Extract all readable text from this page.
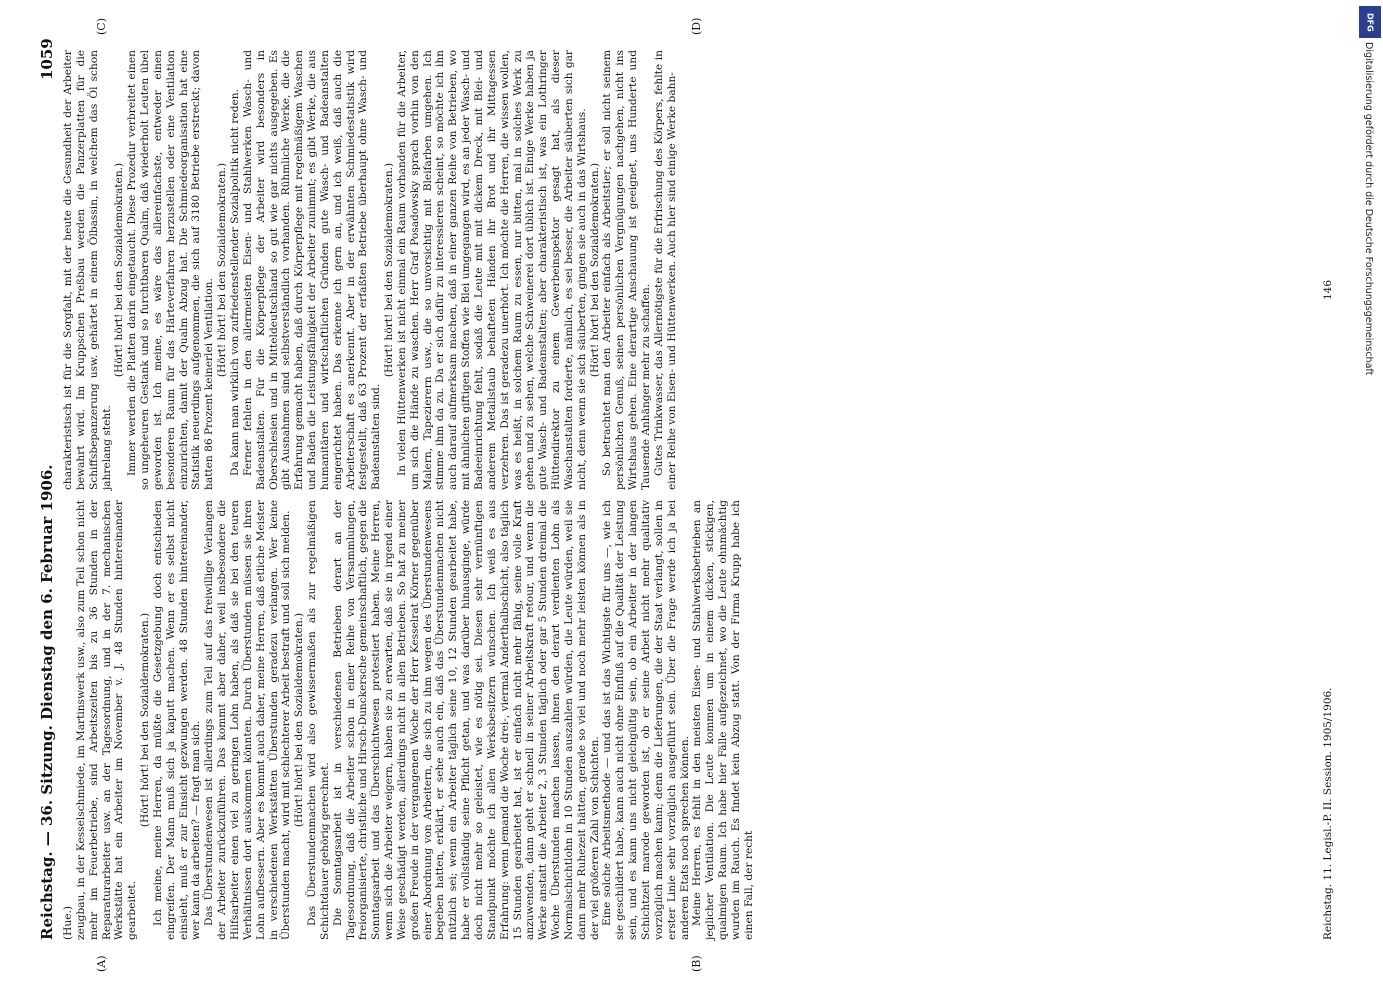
Reichstag. — 36. Sitzung. Dienstag den 6. Februar 1906.
1059
(A)	(B)
(C)	(D)

(Hue.) zeugbau, in der Kesselschmiede, im Martinswerk usw., also zum Teil schon nicht mehr im Feuerbetriebe, sind Arbeitszeiten bis zu 36 Stunden in der Reparaturarbeiter usw. an der Tagesordnung, und in der 7. mechanischen Werkstätte hat ein Arbeiter im November v. J. 48 Stunden hintereinander gearbeitet.

(Hört! hört! bei den Sozialdemokraten.) Ich meine, meine Herren, da müßte die Gesetzgebung doch entschieden eingreifen. Der Mann muß sich ja kaputt machen. Wenn er es selbst nicht einsieht, muß er zur Einsicht gezwungen werden. 48 Stunden hintereinander, wer kann da arbeiten? — fragt man sich. Das Überstundenwesen ist allerdings zum Teil auf das freiwillige Verlangen der Arbeiter zurückzuführen. Das kommt aber daher, weil insbesondere die Hilfsarbeiter einen viel zu geringen Lohn haben, als daß sie bei den teuren Verhältnissen dort auskommen könnten. Durch Überstunden müssen sie ihren Lohn aufbessern. Aber es kommt auch daher, meine Herren, daß etliche Meister in verschiedenen Werkstätten Überstunden geradezu verlangen. Wer keine Überstunden macht, wird mit schlechterer Arbeit bestraft und soll sich melden. (Hört! hört! bei den Sozialdemokraten.) Das Überstundenmachen wird also gewissermaßen als zur regelmäßigen Schichtdauer gehörig gerechnet. Die Sonntagsarbeit ist in verschiedenen Betrieben derart an der Tagesordnung, daß die Arbeiter schon in einer Reihe von Versammlungen, freiorganisierte, christliche und Hirsch-Dunckersche gemeinschaftlich, gegen die Sonntagsarbeit und das Überschichtwesen protestiert haben. Meine Herren, wenn sich die Arbeiter weigern, haben sie zu erwarten, daß sie in irgend einer Weise geschädigt werden, allerdings nicht in allen Betrieben. So hat zu meiner großen Freude in der vergangenen Woche der Herr Kesselrat Körner gegenüber einer Abordnung von Arbeitern, die sich zu ihm wegen des Überstundenwesens begeben hatten, erklärt, er sehe auch ein, daß das Überstundenmachen nicht nützlich sei; wenn ein Arbeiter täglich seine 10, 12 Stunden gearbeitet habe, habe er vollständig seine Pflicht getan, und was darüber hinausginge, würde doch nicht mehr so geleistet, wie es nötig sei. Diesen sehr vernünftigen Standpunkt möchte ich allen Werksbesitzern wünschen. Ich weiß es aus Erfahrung: wenn jemand die Woche drei-, viermal Anderthalbschicht, also täglich 15 Stunden gearbeitet hat, ist er einfach nicht mehr fähig, seine volle Kraft anzuwenden, dann geht er schnell in seiner Arbeitskraft retour, und wenn die Werke anstatt die Arbeiter 2, 3 Stunden täglich oder gar 5 Stunden dreimal die Woche Überstunden machen lassen, ihnen den derart verdienten Lohn als Normalschichtlohn in 10 Stunden auszahlen würden, die Leute würden, weil sie dann mehr Ruhezeit hätten, gerade so viel und noch mehr leisten können als in der viel größeren Zahl von Schichten. Eine solche Arbeitsmethode — und das ist das Wichtigste für uns —, wie ich sie geschildert habe, kann auch nicht ohne Einfluß auf die Qualität der Leistung sein, und es kann uns nicht gleichgültig sein, ob ein Arbeiter in der langen Schichtzeit marode geworden ist, ob er seine Arbeit nicht mehr qualitativ vorzüglich machen kann; denn die Lieferungen, die der Staat verlangt, sollen in erster Linie sehr vorzüglich ausgeführt sein. Über die Frage werde ich ja bei anderen Etats noch sprechen können. Meine Herren, es fehlt in den meisten Eisen- und Stahlwerksbetrieben an jeglicher Ventilation. Die Leute kommen um in einem dicken, stickigen, qualmigen Raum. Ich habe hier Fälle aufgezeichnet, wo die Leute ohnmächtig wurden im Rauch. Es findet kein Abzug statt. Von der Firma Krupp habe ich einen Fall, der recht

charakteristisch ist für die Sorgfalt, mit der heute die Gesundheit der Arbeiter bewahrt wird. Im Kruppschen Preßbau werden die Panzerplatten für die Schiffsbepanzerung usw. gehärtet in einem Ölbassin, in welchem das Öl schon jahrelang steht.

(Hört! hört! bei den Sozialdemokraten.) Immer werden die Platten darin eingetaucht. Diese Prozedur verbreitet einen so ungeheuren Gestank und so furchtbaren Qualm, daß wiederholt Leuten übel geworden ist. Ich meine, es wäre das allereinfachste, entweder einen besonderen Raum für das Härteverfahren herzustellen oder eine Ventilation einzurichten, damit der Qualm Abzug hat. Die Schmiedeorganisation hat eine Statistik neuerdings aufgenommen, die sich auf 3180 Betriebe erstreckt; davon hatten 86 Prozent keinerlei Ventilation.

(Hört! hört! bei den Sozialdemokraten.) Da kann man wirklich von zufriedenstellender Sozialpolitik nicht reden. Ferner fehlen in den allermeisten Eisen- und Stahlwerken Wasch- und Badeanstalten. Für die Körperpflege der Arbeiter wird besonders in Oberschlesien und in Mitteldeutschland so gut wie gar nichts ausgegeben. Es gibt Ausnahmen sind selbstverständlich vorhanden. Rühmliche Werke, die die Erfahrung gemacht haben, daß durch Körperpflege mit regelmäßigem Waschen und Baden die Leistungsfähigkeit der Arbeiter zunimmt; es gibt Werke, die aus humanitären und wirtschaftlichen Gründen gute Wasch- und Badeanstalten eingerichtet haben. Das erkenne ich gern an, und ich weiß, daß auch die Arbeiterschaft es anerkennt. Aber in der erwähnten Schmiedestatistik wird festgestellt, daß 63 Prozent der erfaßten Betriebe überhaupt ohne Wasch- und Badeanstalten sind.

(Hört! hört! bei den Sozialdemokraten.) In vielen Hüttenwerken ist nicht einmal ein Raum vorhanden für die Arbeiter, um sich die Hände zu waschen. Herr Graf Posadowsky sprach vorhin von den Malern, Tapezierern usw., die so unvorsichtig mit Bleifarben umgehen. Ich stimme ihm da zu. Da er sich dafür zu interessieren scheint, so möchte ich ihn auch darauf aufmerksam machen, daß in einer ganzen Reihe von Betrieben, wo mit ähnlichen giftigen Stoffen wie Blei umgegangen wird, es an jeder Wasch- und Badeeinrichtung fehlt, sodaß die Leute mit mit dickem Dreck, mit Blei- und anderem Metallstaub behafteten Händen ihr Brot und ihr Mittagessen verzehren. Das ist geradezu unerhört. Ich möchte die Herren, die wissen wollen, was es heißt, in solchem Raum zu essen, nur bitten, mal in solches Werk zu gehen und zu sehen, welche Schweinerei dort üblich ist. Einige Werke haben ja gute Wasch- und Badeanstalten; aber charakteristisch ist, was ein Lothringer Hüttendirektor zu einem Gewerbeinspektor gesagt hat, als dieser Waschanstalten forderte, nämlich, es sei besser, die Arbeiter säuberten sich gar nicht, denn wenn sie sich säuberten, gingen sie auch in das Wirtshaus. (Hört! hört! bei den Sozialdemokraten.) So betrachtet man den Arbeiter einfach als Arbeitstier; er soll nicht seinem persönlichen Genuß, seinen persönlichen Vergnügungen nachgehen, nicht ins Wirtshaus gehen. Eine derartige Anschauung ist geeignet, uns Hunderte und Tausende Anhänger mehr zu schaffen. Gutes Trinkwasser, das Allernötigste für die Erfrischung des Körpers, fehlte in einer Reihe von Eisen- und Hüttenwerken. Auch hier sind einige Werke bahn-

Reichstag. 11. Legisl.-P. II. Session. 1905/1906.
146
DFG
Digitalisierung gefördert durch die Deutsche Forschungsgemeinschaft
